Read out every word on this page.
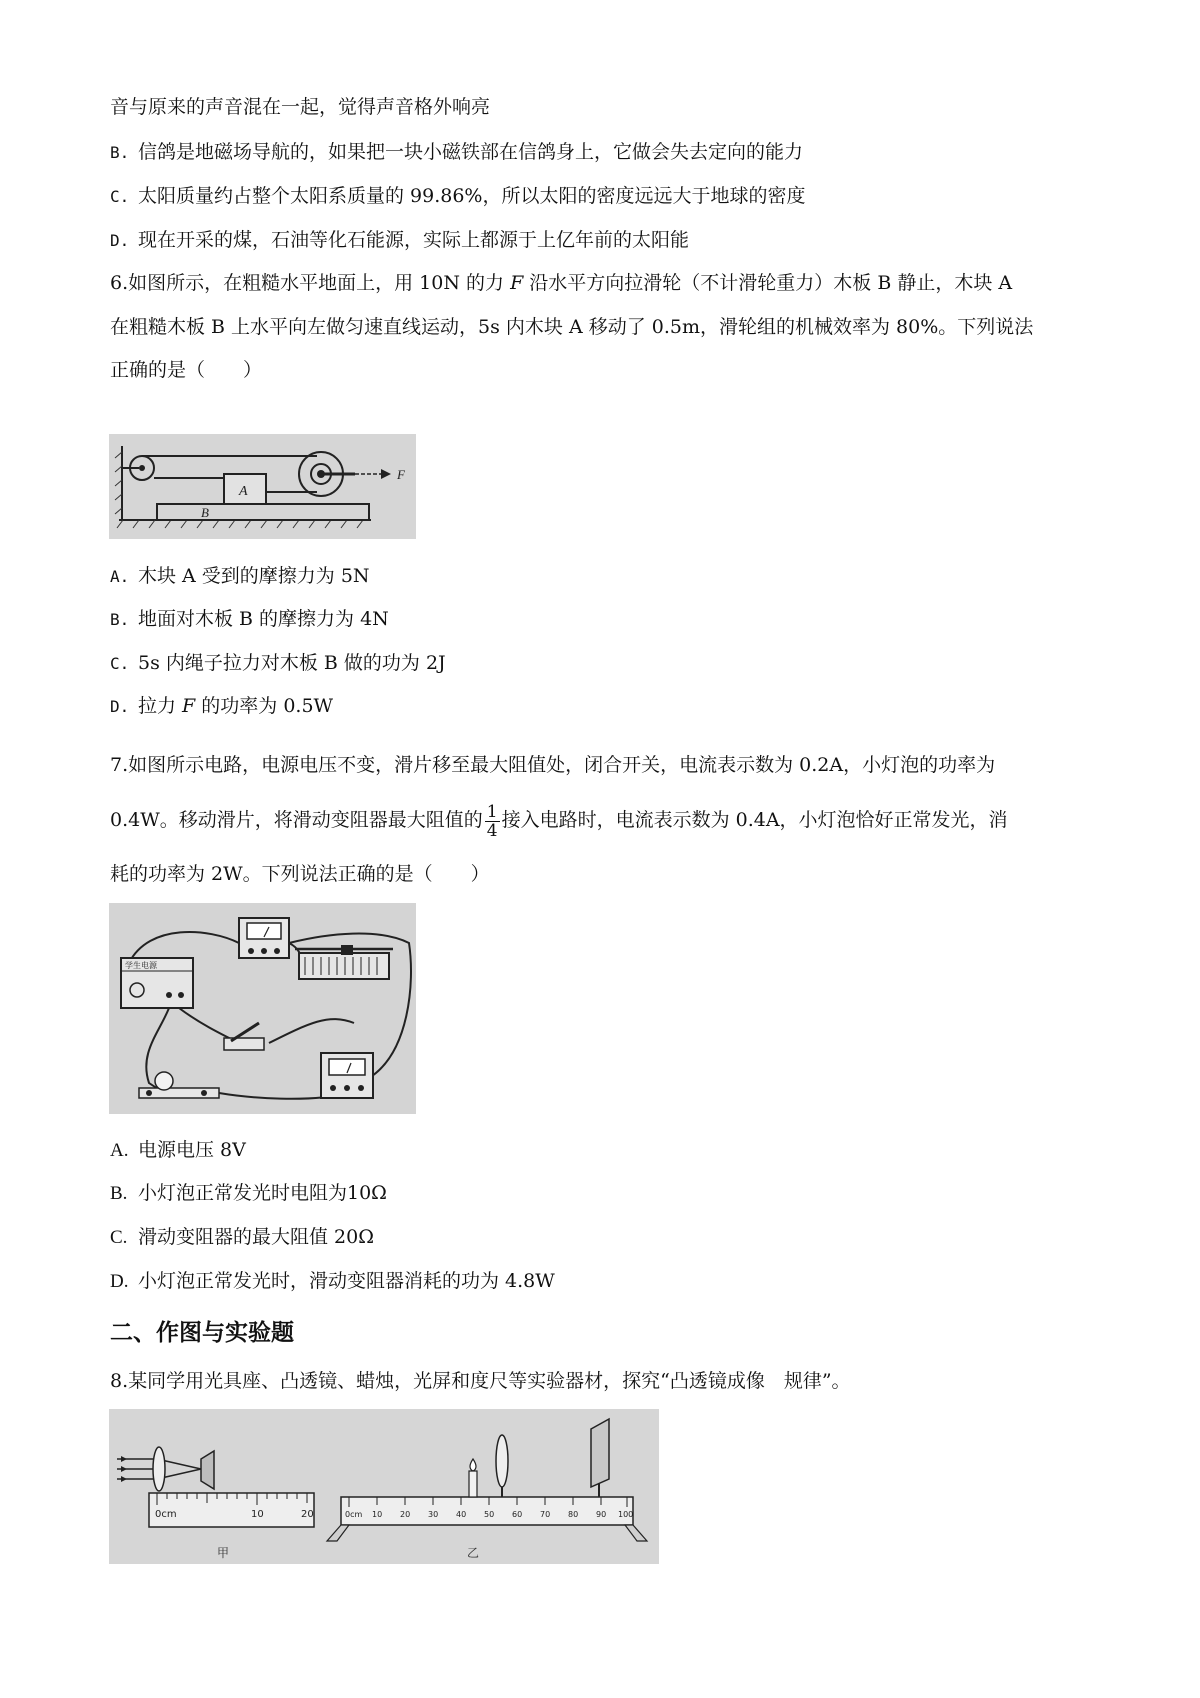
音与原来的声音混在一起，觉得声音格外响亮
B. 信鸽是地磁场导航的，如果把一块小磁铁部在信鸽身上，它做会失去定向的能力
C. 太阳质量约占整个太阳系质量的 99.86%，所以太阳的密度远远大于地球的密度
D. 现在开采的煤，石油等化石能源，实际上都源于上亿年前的太阳能
6.如图所示，在粗糙水平地面上，用 10N 的力 F 沿水平方向拉滑轮（不计滑轮重力）木板 B 静止，木块 A
在粗糙木板 B 上水平向左做匀速直线运动，5s 内木块 A 移动了 0.5m，滑轮组的机械效率为 80%。下列说法
正确的是（　　）
B
A
F
A. 木块 A 受到的摩擦力为 5N
B. 地面对木板 B 的摩擦力为 4N
C. 5s 内绳子拉力对木板 B 做的功为 2J
D. 拉力 F 的功率为 0.5W
7.如图所示电路，电源电压不变，滑片移至最大阻值处，闭合开关，电流表示数为 0.2A，小灯泡的功率为
0.4W。移动滑片，将滑动变阻器最大阻值的 $\frac{1}{4}$ 接入电路时，电流表示数为 0.4A，小灯泡恰好正常发光，消
耗的功率为 2W。下列说法正确的是（　　）
学生电源
A. 电源电压 8V
B. 小灯泡正常发光时电阻为10Ω
C. 滑动变阻器的最大阻值 20Ω
D. 小灯泡正常发光时，滑动变阻器消耗的功为 4.8W
二、作图与实验题
8.某同学用光具座、凸透镜、蜡烛，光屏和度尺等实验器材，探究“凸透镜成像　规律”。
0cm	10	20
甲
0cm 10 20 30 40 50 60 70 80 90 100
乙
